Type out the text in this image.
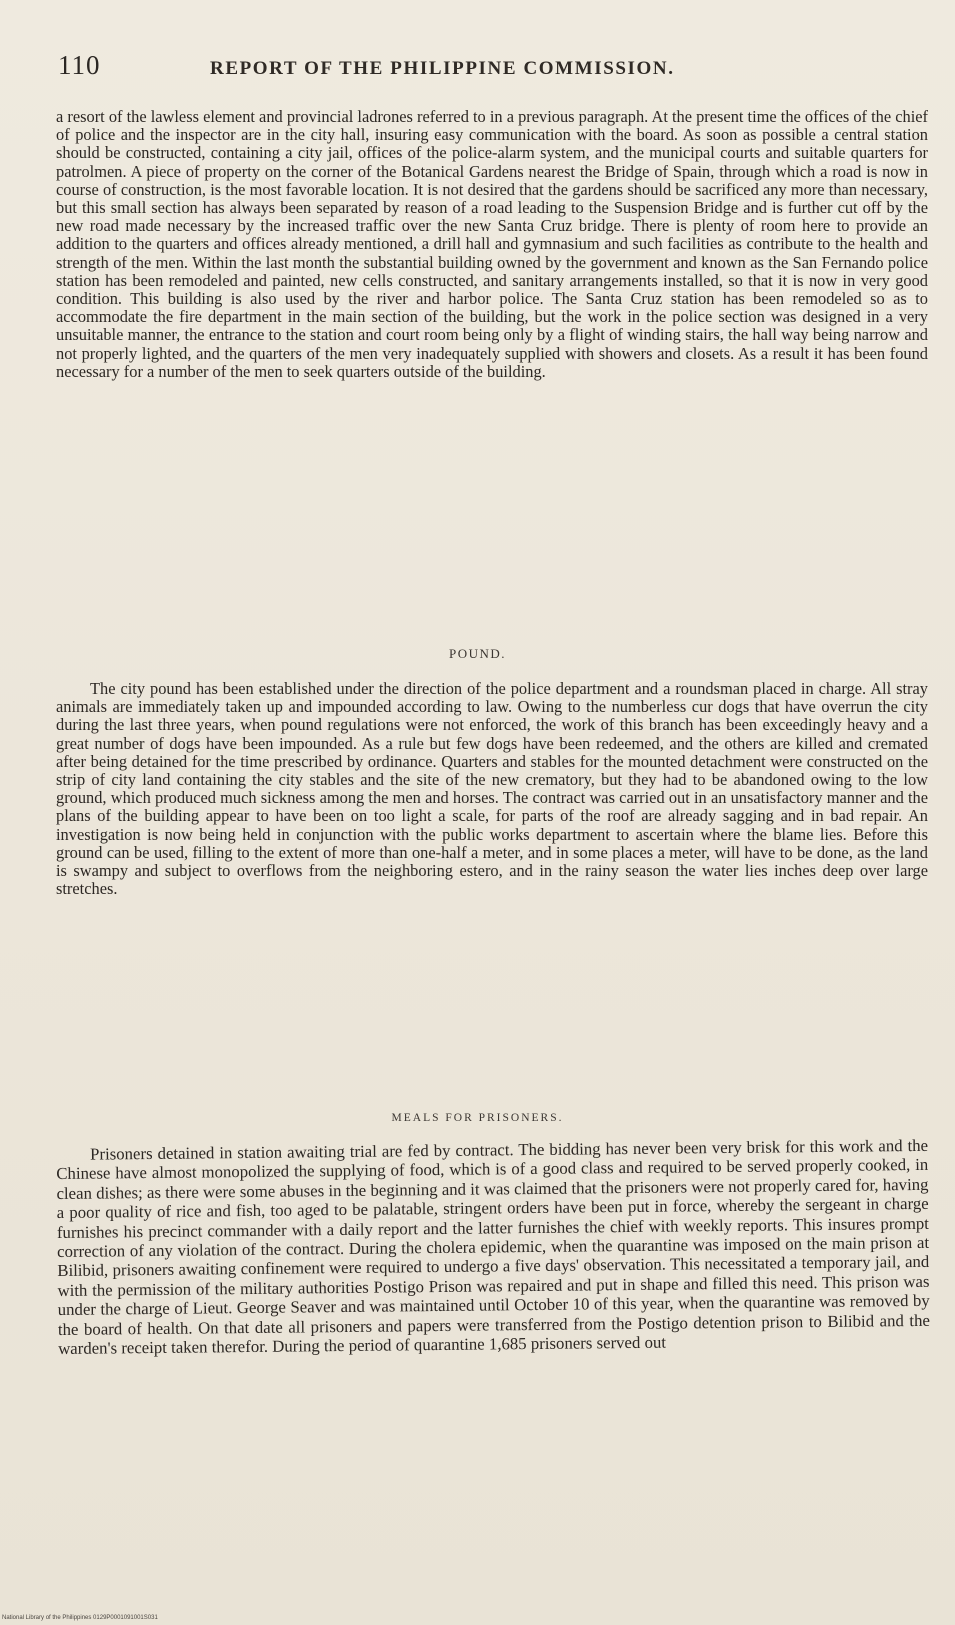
110	REPORT OF THE PHILIPPINE COMMISSION.

a resort of the lawless element and provincial ladrones referred to in a previous paragraph. At the present time the offices of the chief of police and the inspector are in the city hall, insuring easy communication with the board. As soon as possible a central station should be constructed, containing a city jail, offices of the police-alarm system, and the municipal courts and suitable quarters for patrolmen. A piece of property on the corner of the Botanical Gardens nearest the Bridge of Spain, through which a road is now in course of construction, is the most favorable location. It is not desired that the gardens should be sacrificed any more than necessary, but this small section has always been separated by reason of a road leading to the Suspension Bridge and is further cut off by the new road made necessary by the increased traffic over the new Santa Cruz bridge. There is plenty of room here to provide an addition to the quarters and offices already mentioned, a drill hall and gymnasium and such facilities as contribute to the health and strength of the men. Within the last month the substantial building owned by the government and known as the San Fernando police station has been remodeled and painted, new cells constructed, and sanitary arrangements installed, so that it is now in very good condition. This building is also used by the river and harbor police. The Santa Cruz station has been remodeled so as to accommodate the fire department in the main section of the building, but the work in the police section was designed in a very unsuitable manner, the entrance to the station and court room being only by a flight of winding stairs, the hall way being narrow and not properly lighted, and the quarters of the men very inadequately supplied with showers and closets. As a result it has been found necessary for a number of the men to seek quarters outside of the building.

POUND.

The city pound has been established under the direction of the police department and a roundsman placed in charge. All stray animals are immediately taken up and impounded according to law. Owing to the numberless cur dogs that have overrun the city during the last three years, when pound regulations were not enforced, the work of this branch has been exceedingly heavy and a great number of dogs have been impounded. As a rule but few dogs have been redeemed, and the others are killed and cremated after being detained for the time prescribed by ordinance. Quarters and stables for the mounted detachment were constructed on the strip of city land containing the city stables and the site of the new crematory, but they had to be abandoned owing to the low ground, which produced much sickness among the men and horses. The contract was carried out in an unsatisfactory manner and the plans of the building appear to have been on too light a scale, for parts of the roof are already sagging and in bad repair. An investigation is now being held in conjunction with the public works department to ascertain where the blame lies. Before this ground can be used, filling to the extent of more than one-half a meter, and in some places a meter, will have to be done, as the land is swampy and subject to overflows from the neighboring estero, and in the rainy season the water lies inches deep over large stretches.

MEALS FOR PRISONERS.

Prisoners detained in station awaiting trial are fed by contract. The bidding has never been very brisk for this work and the Chinese have almost monopolized the supplying of food, which is of a good class and required to be served properly cooked, in clean dishes; as there were some abuses in the beginning and it was claimed that the prisoners were not properly cared for, having a poor quality of rice and fish, too aged to be palatable, stringent orders have been put in force, whereby the sergeant in charge furnishes his precinct commander with a daily report and the latter furnishes the chief with weekly reports. This insures prompt correction of any violation of the contract. During the cholera epidemic, when the quarantine was imposed on the main prison at Bilibid, prisoners awaiting confinement were required to undergo a five days' observation. This necessitated a temporary jail, and with the permission of the military authorities Postigo Prison was repaired and put in shape and filled this need. This prison was under the charge of Lieut. George Seaver and was maintained until October 10 of this year, when the quarantine was removed by the board of health. On that date all prisoners and papers were transferred from the Postigo detention prison to Bilibid and the warden's receipt taken therefor. During the period of quarantine 1,685 prisoners served out

National Library of the Philippines 0129P0001091001S031
